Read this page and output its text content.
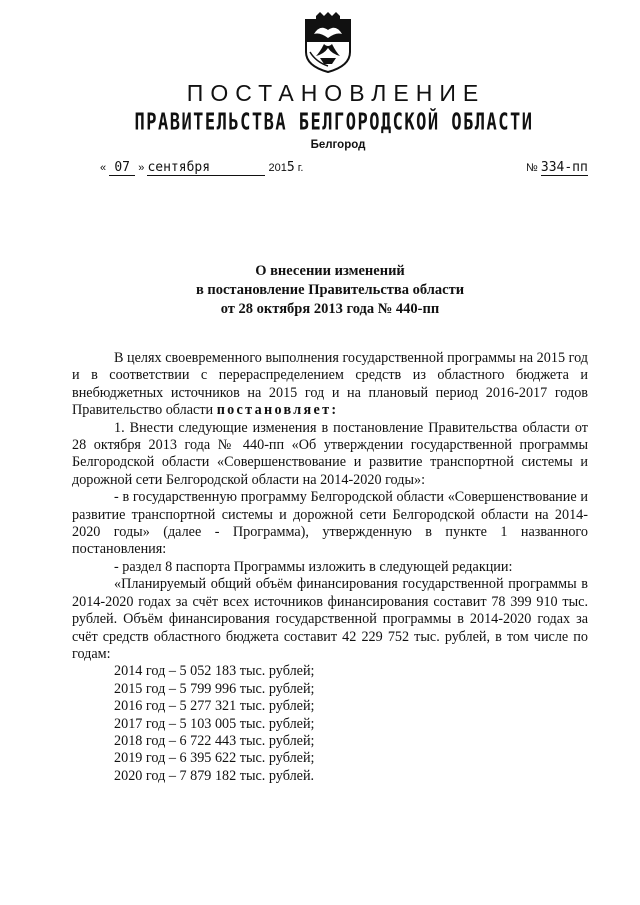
ПОСТАНОВЛЕНИЕ
ПРАВИТЕЛЬСТВА БЕЛГОРОДСКОЙ ОБЛАСТИ
Белгород
« 07 » сентября	2015 г.	№ 334-пп
О внесении изменений
в постановление Правительства области
от 28 октября 2013 года № 440-пп

В целях своевременного выполнения государственной программы на 2015 год и в соответствии с перераспределением средств из областного бюджета и внебюджетных источников на 2015 год и на плановый период 2016-2017 годов Правительство области постановляет:

1. Внести следующие изменения в постановление Правительства области от 28 октября 2013 года № 440-пп «Об утверждении государственной программы Белгородской области «Совершенствование и развитие транспортной системы и дорожной сети Белгородской области на 2014-2020 годы»:

- в государственную программу Белгородской области «Совершенствование и развитие транспортной системы и дорожной сети Белгородской области на 2014-2020 годы» (далее - Программа), утвержденную в пункте 1 названного постановления:

- раздел 8 паспорта Программы изложить в следующей редакции:

«Планируемый общий объём финансирования государственной программы в 2014-2020 годах за счёт всех источников финансирования составит 78 399 910 тыс. рублей. Объём финансирования государственной программы в 2014-2020 годах за счёт средств областного бюджета составит 42 229 752 тыс. рублей, в том числе по годам:

2014 год – 5 052 183 тыс. рублей;
2015 год – 5 799 996 тыс. рублей;
2016 год – 5 277 321 тыс. рублей;
2017 год – 5 103 005 тыс. рублей;
2018 год – 6 722 443 тыс. рублей;
2019 год – 6 395 622 тыс. рублей;
2020 год – 7 879 182 тыс. рублей.
